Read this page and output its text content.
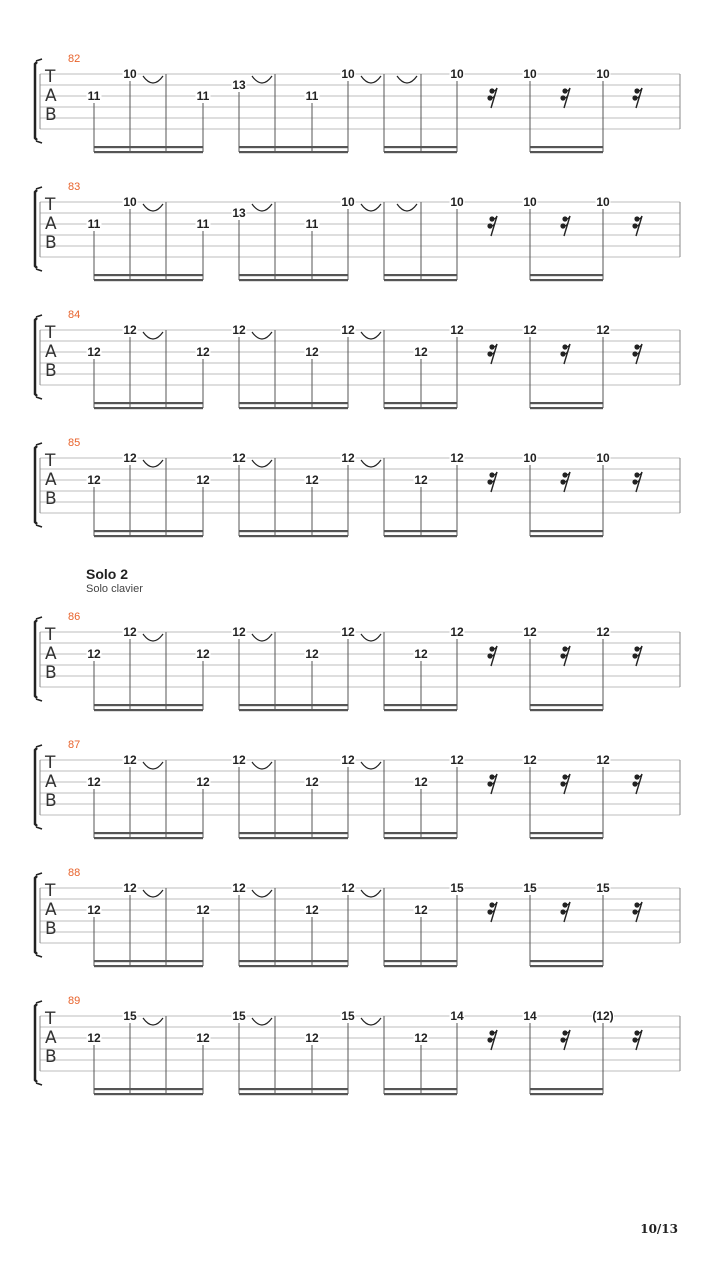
82
T
A
B
11
10
11
13
11
10	10	10	10
83
T
A
B
11
10
11
13
11
10	10	10	10
84
T
A
B
12
12
12
12
12
12
12
12	12	12
85
T
A
B
12
12
12
12
12
12
12
12	10	10
86
T
A
B
12
12
12
12
12
12
12
12	12	12
87
T
A
B
12
12
12
12
12
12
12
12	12	12
88
T
A
B
12
12
12
12
12
12
12
15	15	15
89
T
A
B
12
15
12
15
12
15
12
14	14	(12)
Solo 2
Solo clavier
10/13
